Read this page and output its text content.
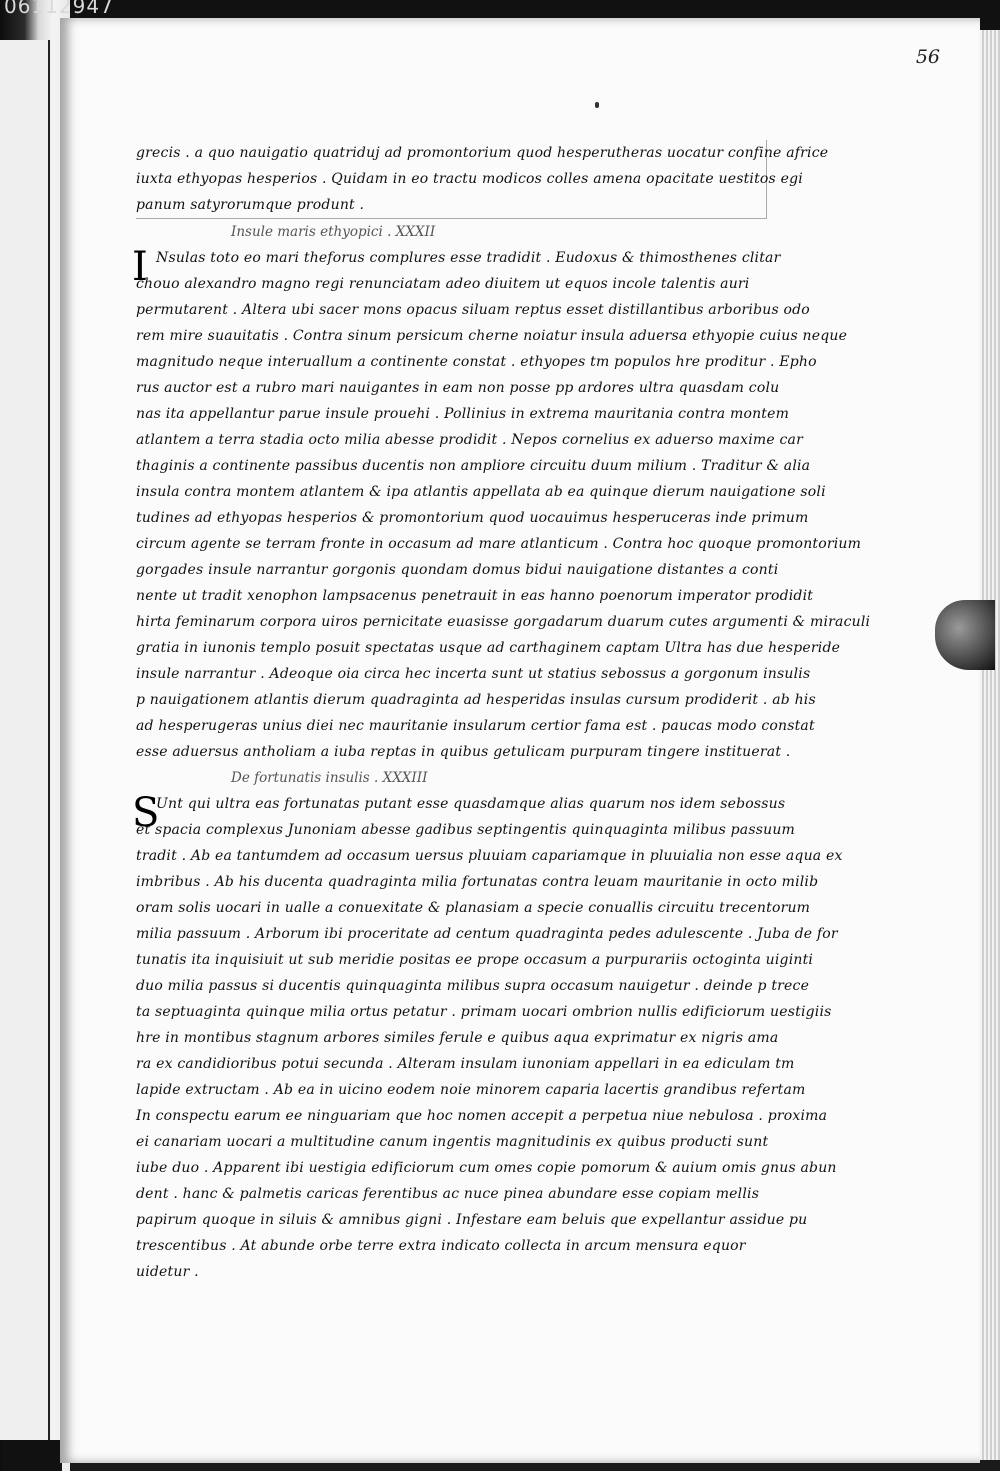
06112947
56
grecis . a quo nauigatio quatriduj ad promontorium quod hesperutheras uocatur confine africe
iuxta ethyopas hesperios . Quidam in eo tractu modicos colles amena opacitate uestitos egi
panum satyrorumque produnt .
Insule maris ethyopici . XXXII
I Nsulas toto eo mari theforus complures esse tradidit . Eudoxus & thimosthenes clitar
chouo alexandro magno regi renunciatam adeo diuitem ut equos incole talentis auri
permutarent . Altera ubi sacer mons opacus siluam reptus esset distillantibus arboribus odo
rem mire suauitatis . Contra sinum persicum cherne noiatur insula aduersa ethyopie cuius neque
magnitudo neque interuallum a continente constat . ethyopes tm populos hre proditur . Epho
rus auctor est a rubro mari nauigantes in eam non posse pp ardores ultra quasdam colu
nas ita appellantur parue insule prouehi . Pollinius in extrema mauritania contra montem
atlantem a terra stadia octo milia abesse prodidit . Nepos cornelius ex aduerso maxime car
thaginis a continente passibus ducentis non ampliore circuitu duum milium . Traditur & alia
insula contra montem atlantem & ipa atlantis appellata ab ea quinque dierum nauigatione soli
tudines ad ethyopas hesperios & promontorium quod uocauimus hesperuceras inde primum
circum agente se terram fronte in occasum ad mare atlanticum . Contra hoc quoque promontorium
gorgades insule narrantur gorgonis quondam domus bidui nauigatione distantes a conti
nente ut tradit xenophon lampsacenus penetrauit in eas hanno poenorum imperator prodidit
hirta feminarum corpora uiros pernicitate euasisse gorgadarum duarum cutes argumenti & miraculi
gratia in iunonis templo posuit spectatas usque ad carthaginem captam Ultra has due hesperide
insule narrantur . Adeoque oia circa hec incerta sunt ut statius sebossus a gorgonum insulis
p nauigationem atlantis dierum quadraginta ad hesperidas insulas cursum prodiderit . ab his
ad hesperugeras unius diei nec mauritanie insularum certior fama est . paucas modo constat
esse aduersus antholiam a iuba reptas in quibus getulicam purpuram tingere instituerat .
De fortunatis insulis . XXXIII
S
Unt qui ultra eas fortunatas putant esse quasdamque alias quarum nos idem sebossus
et spacia complexus Junoniam abesse gadibus septingentis quinquaginta milibus passuum
tradit . Ab ea tantumdem ad occasum uersus pluuiam capariamque in pluuialia non esse aqua ex
imbribus . Ab his ducenta quadraginta milia fortunatas contra leuam mauritanie in octo milib
oram solis uocari in ualle a conuexitate & planasiam a specie conuallis circuitu trecentorum
milia passuum . Arborum ibi proceritate ad centum quadraginta pedes adulescente . Juba de for
tunatis ita inquisiuit ut sub meridie positas ee prope occasum a purpurariis octoginta uiginti
duo milia passus si ducentis quinquaginta milibus supra occasum nauigetur . deinde p trece
ta septuaginta quinque milia ortus petatur . primam uocari ombrion nullis edificiorum uestigiis
hre in montibus stagnum arbores similes ferule e quibus aqua exprimatur ex nigris ama
ra ex candidioribus potui secunda . Alteram insulam iunoniam appellari in ea ediculam tm
lapide extructam . Ab ea in uicino eodem noie minorem caparia lacertis grandibus refertam
In conspectu earum ee ninguariam que hoc nomen accepit a perpetua niue nebulosa . proxima
ei canariam uocari a multitudine canum ingentis magnitudinis ex quibus producti sunt
iube duo . Apparent ibi uestigia edificiorum cum omes copie pomorum & auium omis gnus abun
dent . hanc & palmetis caricas ferentibus ac nuce pinea abundare esse copiam mellis
papirum quoque in siluis & amnibus gigni . Infestare eam beluis que expellantur assidue pu
trescentibus . At abunde orbe terre extra indicato collecta in arcum mensura equor
uidetur .
